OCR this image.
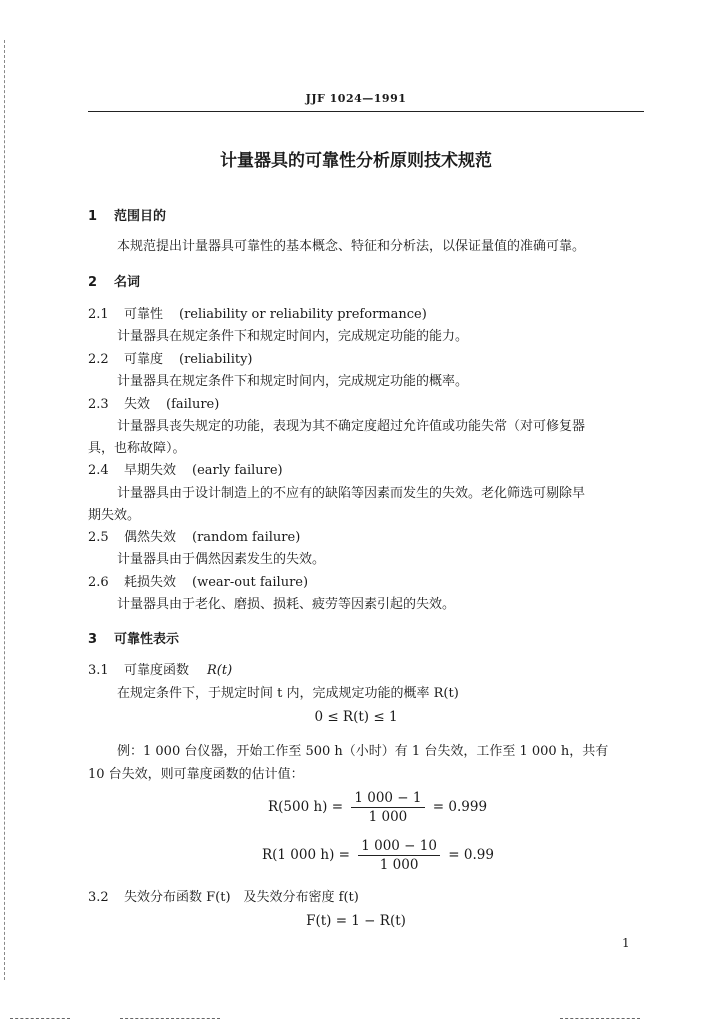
JJF 1024—1991
计量器具的可靠性分析原则技术规范
1 范围目的
本规范提出计量器具可靠性的基本概念、特征和分析法，以保证量值的准确可靠。
2 名词
2.1 可靠性 (reliability or reliability preformance)
计量器具在规定条件下和规定时间内，完成规定功能的能力。
2.2 可靠度 (reliability)
计量器具在规定条件下和规定时间内，完成规定功能的概率。
2.3 失效 (failure)
计量器具丧失规定的功能，表现为其不确定度超过允许值或功能失常（对可修复器
具，也称故障）。
2.4 早期失效 (early failure)
计量器具由于设计制造上的不应有的缺陷等因素而发生的失效。老化筛选可剔除早
期失效。
2.5 偶然失效 (random failure)
计量器具由于偶然因素发生的失效。
2.6 耗损失效 (wear-out failure)
计量器具由于老化、磨损、损耗、疲劳等因素引起的失效。
3 可靠性表示
3.1 可靠度函数 R(t)
在规定条件下，于规定时间 t 内，完成规定功能的概率 R(t)
0 ≤ R(t) ≤ 1
例：1 000 台仪器，开始工作至 500 h（小时）有 1 台失效，工作至 1 000 h，共有
10 台失效，则可靠度函数的估计值：
R(500 $h) = \frac{1 000 - 1}{1 000} = 0.999$
R(1 000 $h) = \frac{1 000 - 10}{1 000} = 0.99$
3.2 失效分布函数 F(t)　及失效分布密度 f(t)
F(t) = 1 − R(t)
1
